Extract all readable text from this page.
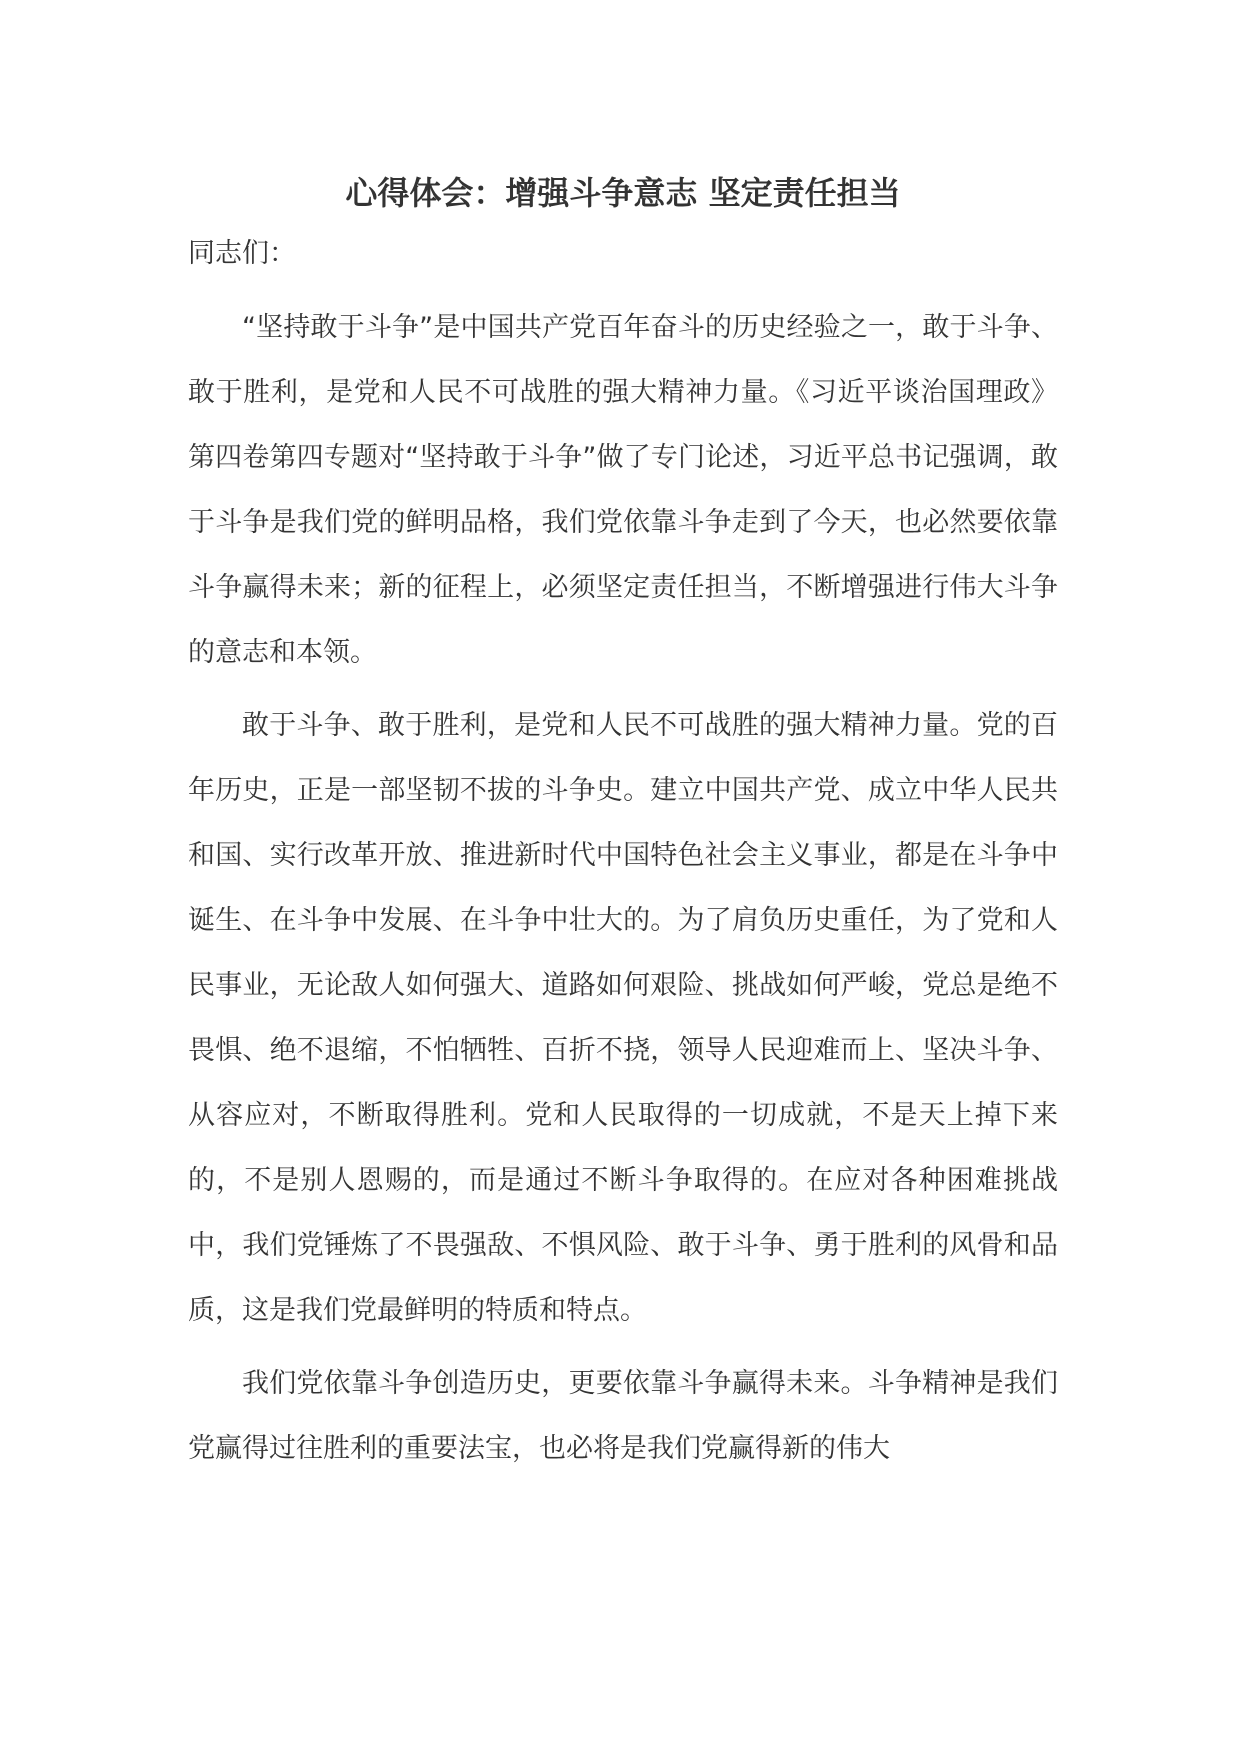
心得体会：增强斗争意志 坚定责任担当

同志们：

“坚持敢于斗争”是中国共产党百年奋斗的历史经验之一，敢于斗争、敢于胜利，是党和人民不可战胜的强大精神力量。《习近平谈治国理政》第四卷第四专题对“坚持敢于斗争”做了专门论述，习近平总书记强调，敢于斗争是我们党的鲜明品格，我们党依靠斗争走到了今天，也必然要依靠斗争赢得未来；新的征程上，必须坚定责任担当，不断增强进行伟大斗争的意志和本领。

敢于斗争、敢于胜利，是党和人民不可战胜的强大精神力量。党的百年历史，正是一部坚韧不拔的斗争史。建立中国共产党、成立中华人民共和国、实行改革开放、推进新时代中国特色社会主义事业，都是在斗争中诞生、在斗争中发展、在斗争中壮大的。为了肩负历史重任，为了党和人民事业，无论敌人如何强大、道路如何艰险、挑战如何严峻，党总是绝不畏惧、绝不退缩，不怕牺牲、百折不挠，领导人民迎难而上、坚决斗争、从容应对，不断取得胜利。党和人民取得的一切成就，不是天上掉下来的，不是别人恩赐的，而是通过不断斗争取得的。在应对各种困难挑战中，我们党锤炼了不畏强敌、不惧风险、敢于斗争、勇于胜利的风骨和品质，这是我们党最鲜明的特质和特点。

我们党依靠斗争创造历史，更要依靠斗争赢得未来。斗争精神是我们党赢得过往胜利的重要法宝，也必将是我们党赢得新的伟大
